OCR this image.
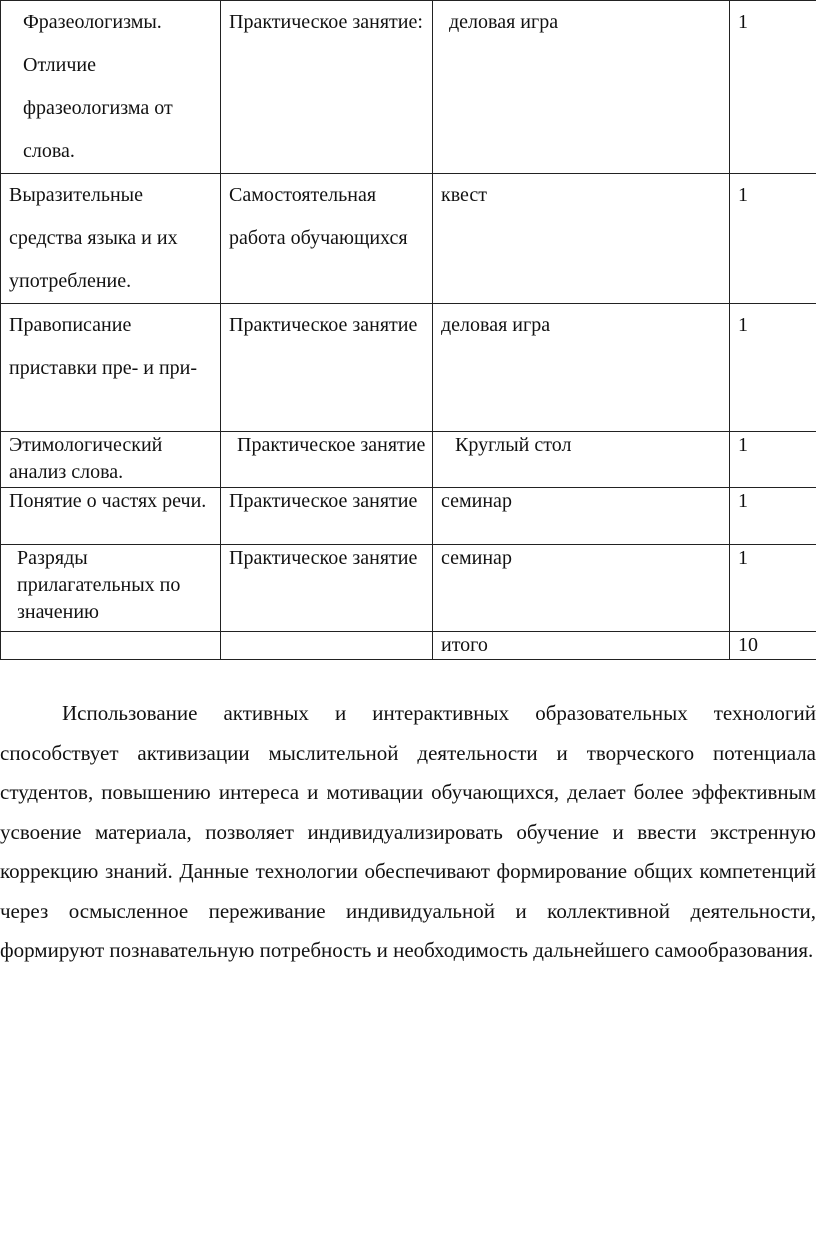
Фразеологизмы. Отличие фразеологизма от слова.	Практическое занятие:	деловая игра	1
Выразительные средства языка и их употребление.	Самостоятельная работа обучающихся	квест	1
Правописание приставки пре- и при-	Практическое занятие	деловая игра	1
Этимологический анализ слова.	Практическое занятие	Круглый стол	1
Понятие о частях речи.	Практическое занятие	семинар	1
Разряды прилагательных по значению	Практическое занятие	семинар	1
		итого	10

Использование активных и интерактивных образовательных технологий способствует активизации мыслительной деятельности и творческого потенциала студентов, повышению интереса и мотивации обучающихся, делает более эффективным усвоение материала, позволяет индивидуализировать обучение и ввести экстренную коррекцию знаний. Данные технологии обеспечивают формирование общих компетенций через осмысленное переживание индивидуальной и коллективной деятельности, формируют познавательную потребность и необходимость дальнейшего самообразования.
